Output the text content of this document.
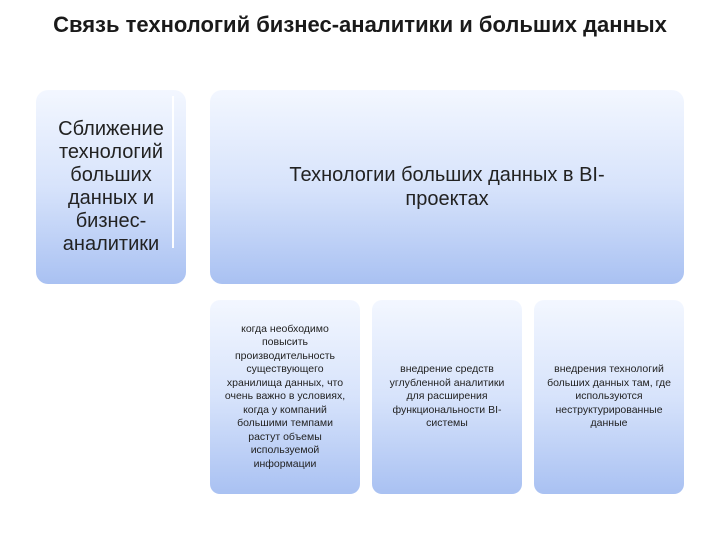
Связь технологий бизнес-аналитики и больших данных
Сближение технологий больших данных и бизнес-аналитики
Технологии больших данных в BI-проектах
когда необходимо повысить производительность существующего хранилища данных, что очень важно в условиях, когда у компаний большими темпами растут объемы используемой информации
внедрение средств углубленной аналитики для расширения функциональности BI-системы
внедрения технологий больших данных там, где используются неструктурированные данные
